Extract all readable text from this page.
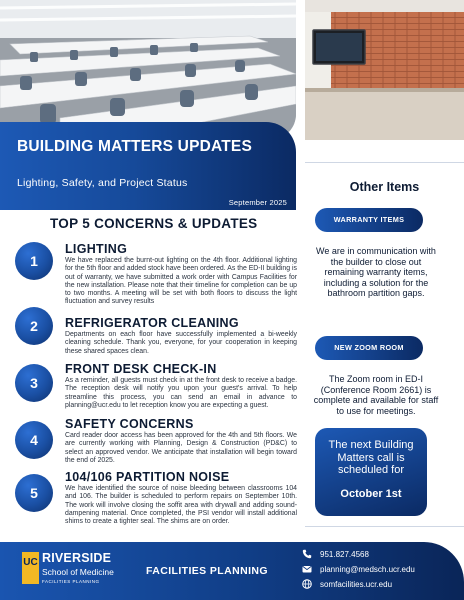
BUILDING MATTERS UPDATES
Lighting, Safety, and Project Status
September 2025
TOP 5 CONCERNS & UPDATES
1
LIGHTING
We have replaced the burnt-out lighting on the 4th floor. Additional lighting for the 5th floor and added stock have been ordered. As the ED-II building is out of warranty, we have submitted a work order with Campus Facilities for the new installation. Please note that their timeline for completion can be up to two months. A meeting will be set with both floors to discuss the light fluctuation and survey results
2	REFRIGERATOR CLEANING
Departments on each floor have successfully implemented a bi-weekly cleaning schedule. Thank you, everyone, for your cooperation in keeping these shared spaces clean.
3
FRONT DESK CHECK-IN
As a reminder, all guests must check in at the front desk to receive a badge. The reception desk will notify you upon your guest's arrival. To help streamline this process, you can send an email in advance to planning@ucr.edu to let reception know you are expecting a guest.
4
SAFETY CONCERNS
Card reader door access has been approved for the 4th and 5th floors. We are currently working with Planning, Design & Construction (PD&C) to select an approved vendor. We anticipate that installation will begin toward the end of 2025.
5
104/106 PARTITION NOISE
We have identified the source of noise bleeding between classrooms 104 and 106. The builder is scheduled to perform repairs on September 10th. The work will involve closing the soffit area with drywall and adding sound-dampening material. Once completed, the PSI vendor will install additional shims to create a tighter seal. The shims are on order.
Other Items
WARRANTY ITEMS
We are in communication with the builder to close out remaining warranty items, including a solution for the bathroom partition gaps.
NEW ZOOM ROOM
The Zoom room in ED-I (Conference Room 2661) is complete and available for staff to use for meetings.
The next Building Matters call is scheduled for
October 1st
UC RIVERSIDE
School of Medicine
FACILITIES PLANNING
FACILITIES PLANNING
951.827.4568
planning@medsch.ucr.edu
somfacilities.ucr.edu
